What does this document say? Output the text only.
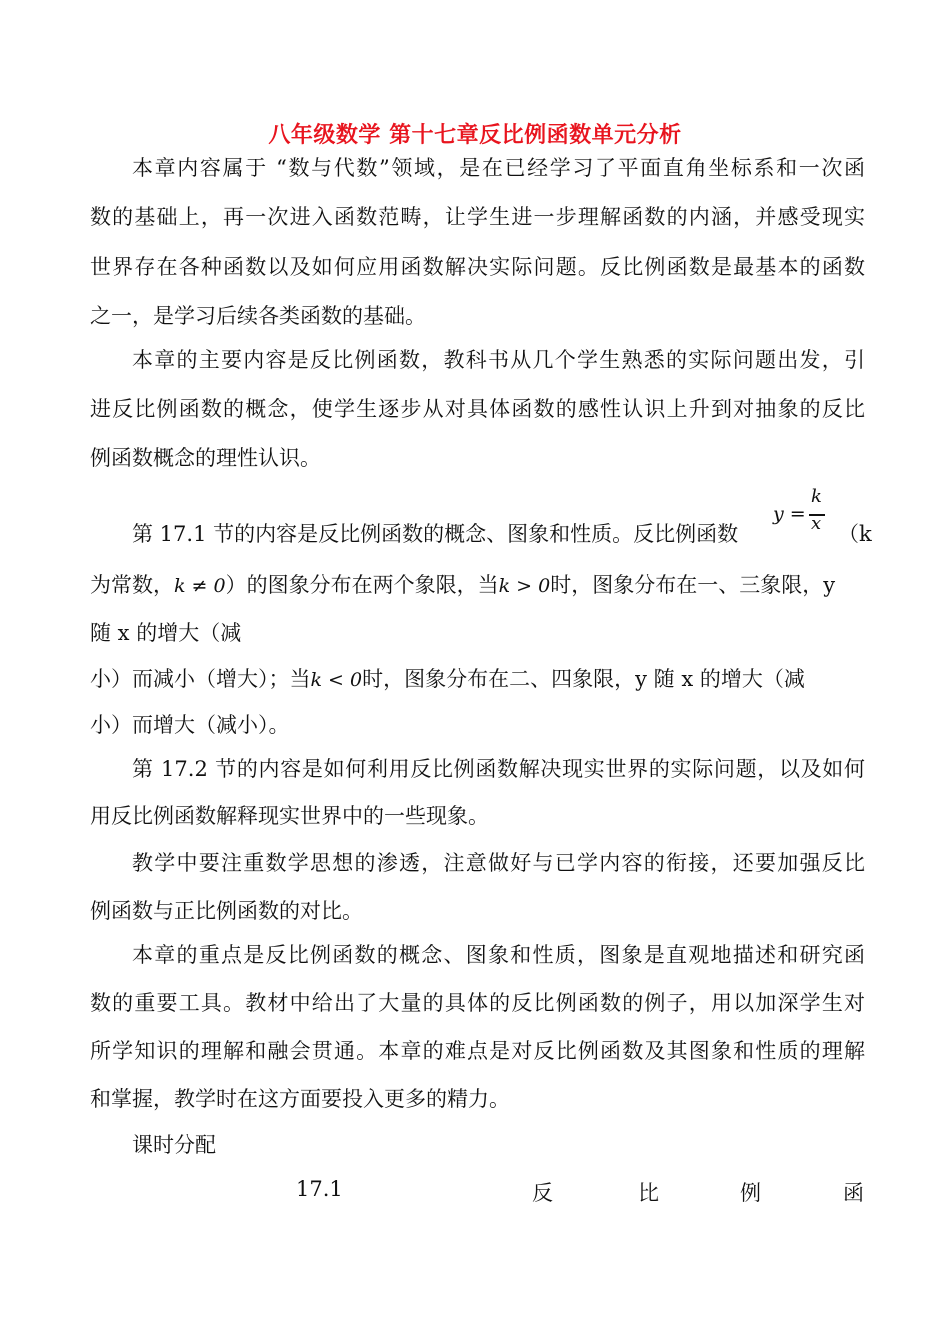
八年级数学 第十七章反比例函数单元分析
本章内容属于 “数与代数”领域，是在已经学习了平面直角坐标系和一次函
数的基础上，再一次进入函数范畴，让学生进一步理解函数的内涵，并感受现实
世界存在各种函数以及如何应用函数解决实际问题。反比例函数是最基本的函数
之一，是学习后续各类函数的基础。
本章的主要内容是反比例函数，教科书从几个学生熟悉的实际问题出发，引
进反比例函数的概念，使学生逐步从对具体函数的感性认识上升到对抽象的反比
例函数概念的理性认识。
第 17.1 节的内容是反比例函数的概念、图象和性质。反比例函数
y =
k
x （k
为常数，k ≠ 0）的图象分布在两个象限，当k > 0时，图象分布在一、三象限，y
随 x 的增大（减
小）而减小（增大）；当k < 0时，图象分布在二、四象限，y 随 x 的增大（减
小）而增大（减小）。
第 17.2 节的内容是如何利用反比例函数解决现实世界的实际问题，以及如何
用反比例函数解释现实世界中的一些现象。
教学中要注重数学思想的渗透，注意做好与已学内容的衔接，还要加强反比
例函数与正比例函数的对比。
本章的重点是反比例函数的概念、图象和性质，图象是直观地描述和研究函
数的重要工具。教材中给出了大量的具体的反比例函数的例子，用以加深学生对
所学知识的理解和融会贯通。本章的难点是对反比例函数及其图象和性质的理解
和掌握，教学时在这方面要投入更多的精力。
课时分配
17.1	反	比	例	函
